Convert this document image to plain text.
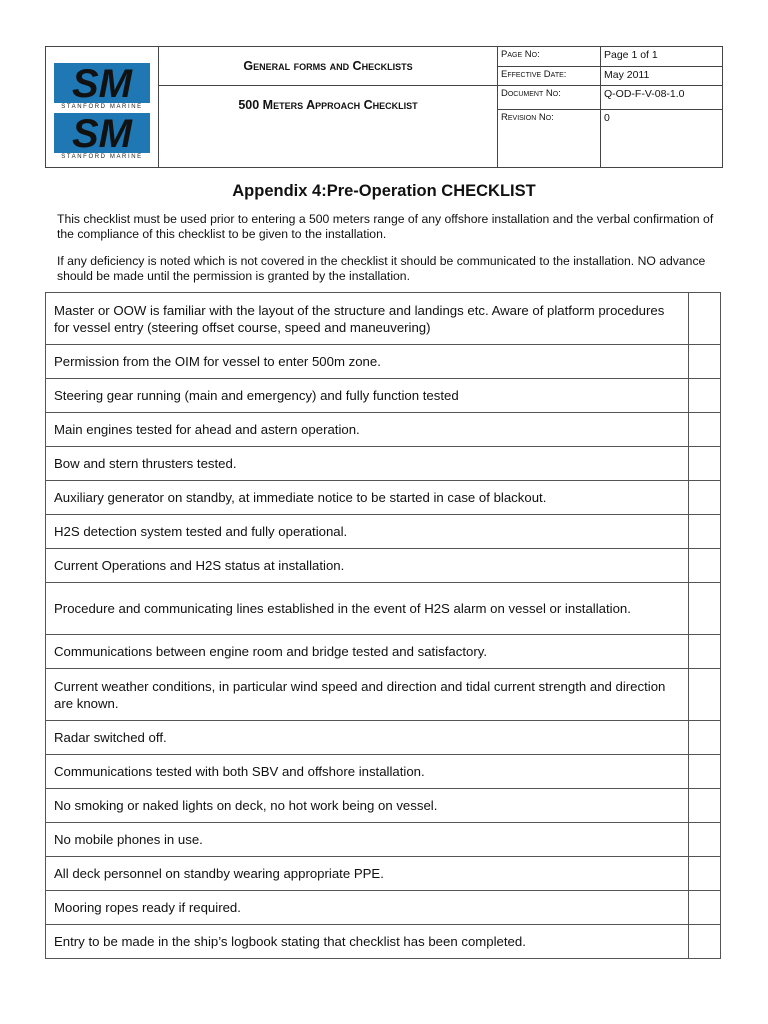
SM
STANFORD MARINE
SM
STANFORD MARINE	General forms and Checklists	Page No:	Page 1 of 1
		Effective Date:	May 2011
	500 Meters Approach Checklist	Document No:	Q-OD-F-V-08-1.0
		Revision No:	0
Appendix 4:Pre-Operation CHECKLIST

This checklist must be used prior to entering a 500 meters range of any offshore installation and the verbal confirmation of the compliance of this checklist to be given to the installation.

If any deficiency is noted which is not covered in the checklist it should be communicated to the installation. NO advance should be made until the permission is granted by the installation.

Master or OOW is familiar with the layout of the structure and landings etc. Aware of platform procedures for vessel entry (steering offset course, speed and maneuvering)	
Permission from the OIM for vessel to enter 500m zone.	
Steering gear running (main and emergency) and fully function tested	
Main engines tested for ahead and astern operation.	
Bow and stern thrusters tested.	
Auxiliary generator on standby, at immediate notice to be started in case of blackout.	
H2S detection system tested and fully operational.	
Current Operations and H2S status at installation.	
Procedure and communicating lines established in the event of H2S alarm on vessel or installation.	
Communications between engine room and bridge tested and satisfactory.	
Current weather conditions, in particular wind speed and direction and tidal current strength and direction are known.	
Radar switched off.	
Communications tested with both SBV and offshore installation.	
No smoking or naked lights on deck, no hot work being on vessel.	
No mobile phones in use.	
All deck personnel on standby wearing appropriate PPE.	
Mooring ropes ready if required.	
Entry to be made in the ship’s logbook stating that checklist has been completed.	
